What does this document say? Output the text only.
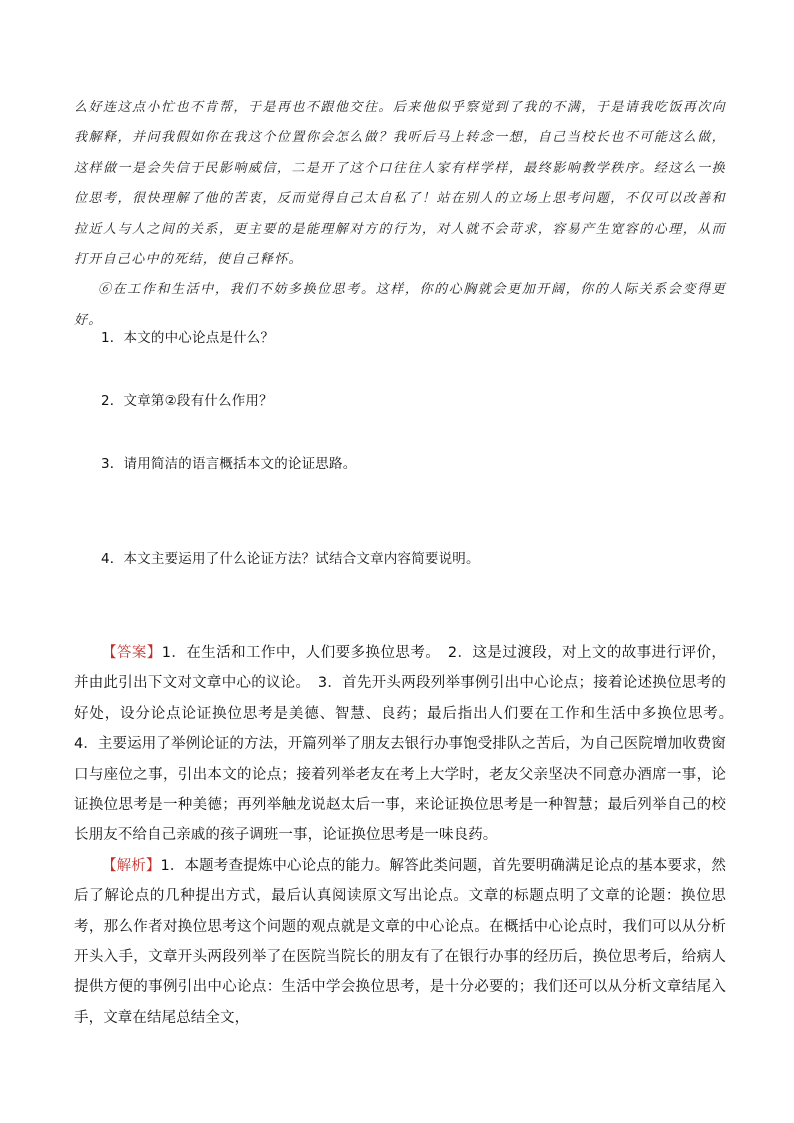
么好连这点小忙也不肯帮，于是再也不跟他交往。后来他似乎察觉到了我的不满，于是请我吃饭再次向我解释，并问我假如你在我这个位置你会怎么做？我听后马上转念一想，自己当校长也不可能这么做，这样做一是会失信于民影响威信，二是开了这个口往往人家有样学样，最终影响教学秩序。经这么一换位思考，很快理解了他的苦衷，反而觉得自己太自私了！站在别人的立场上思考问题，不仅可以改善和拉近人与人之间的关系，更主要的是能理解对方的行为，对人就不会苛求，容易产生宽容的心理，从而打开自己心中的死结，使自己释怀。

⑥在工作和生活中，我们不妨多换位思考。这样，你的心胸就会更加开阔，你的人际关系会变得更好。

1．本文的中心论点是什么？
2．文章第②段有什么作用？
3．请用简洁的语言概括本文的论证思路。
4．本文主要运用了什么论证方法？试结合文章内容简要说明。

【答案】1．在生活和工作中，人们要多换位思考。　2．这是过渡段，对上文的故事进行评价，并由此引出下文对文章中心的议论。　3．首先开头两段列举事例引出中心论点；接着论述换位思考的好处，设分论点论证换位思考是美德、智慧、良药；最后指出人们要在工作和生活中多换位思考。　4．主要运用了举例论证的方法，开篇列举了朋友去银行办事饱受排队之苦后，为自己医院增加收费窗口与座位之事，引出本文的论点；接着列举老友在考上大学时，老友父亲坚决不同意办酒席一事，论证换位思考是一种美德；再列举触龙说赵太后一事，来论证换位思考是一种智慧；最后列举自己的校长朋友不给自己亲戚的孩子调班一事，论证换位思考是一味良药。

【解析】1．本题考查提炼中心论点的能力。解答此类问题，首先要明确满足论点的基本要求，然后了解论点的几种提出方式，最后认真阅读原文写出论点。文章的标题点明了文章的论题：换位思考，那么作者对换位思考这个问题的观点就是文章的中心论点。在概括中心论点时，我们可以从分析开头入手，文章开头两段列举了在医院当院长的朋友有了在银行办事的经历后，换位思考后，给病人提供方便的事例引出中心论点：生活中学会换位思考，是十分必要的；我们还可以从分析文章结尾入手，文章在结尾总结全文，
